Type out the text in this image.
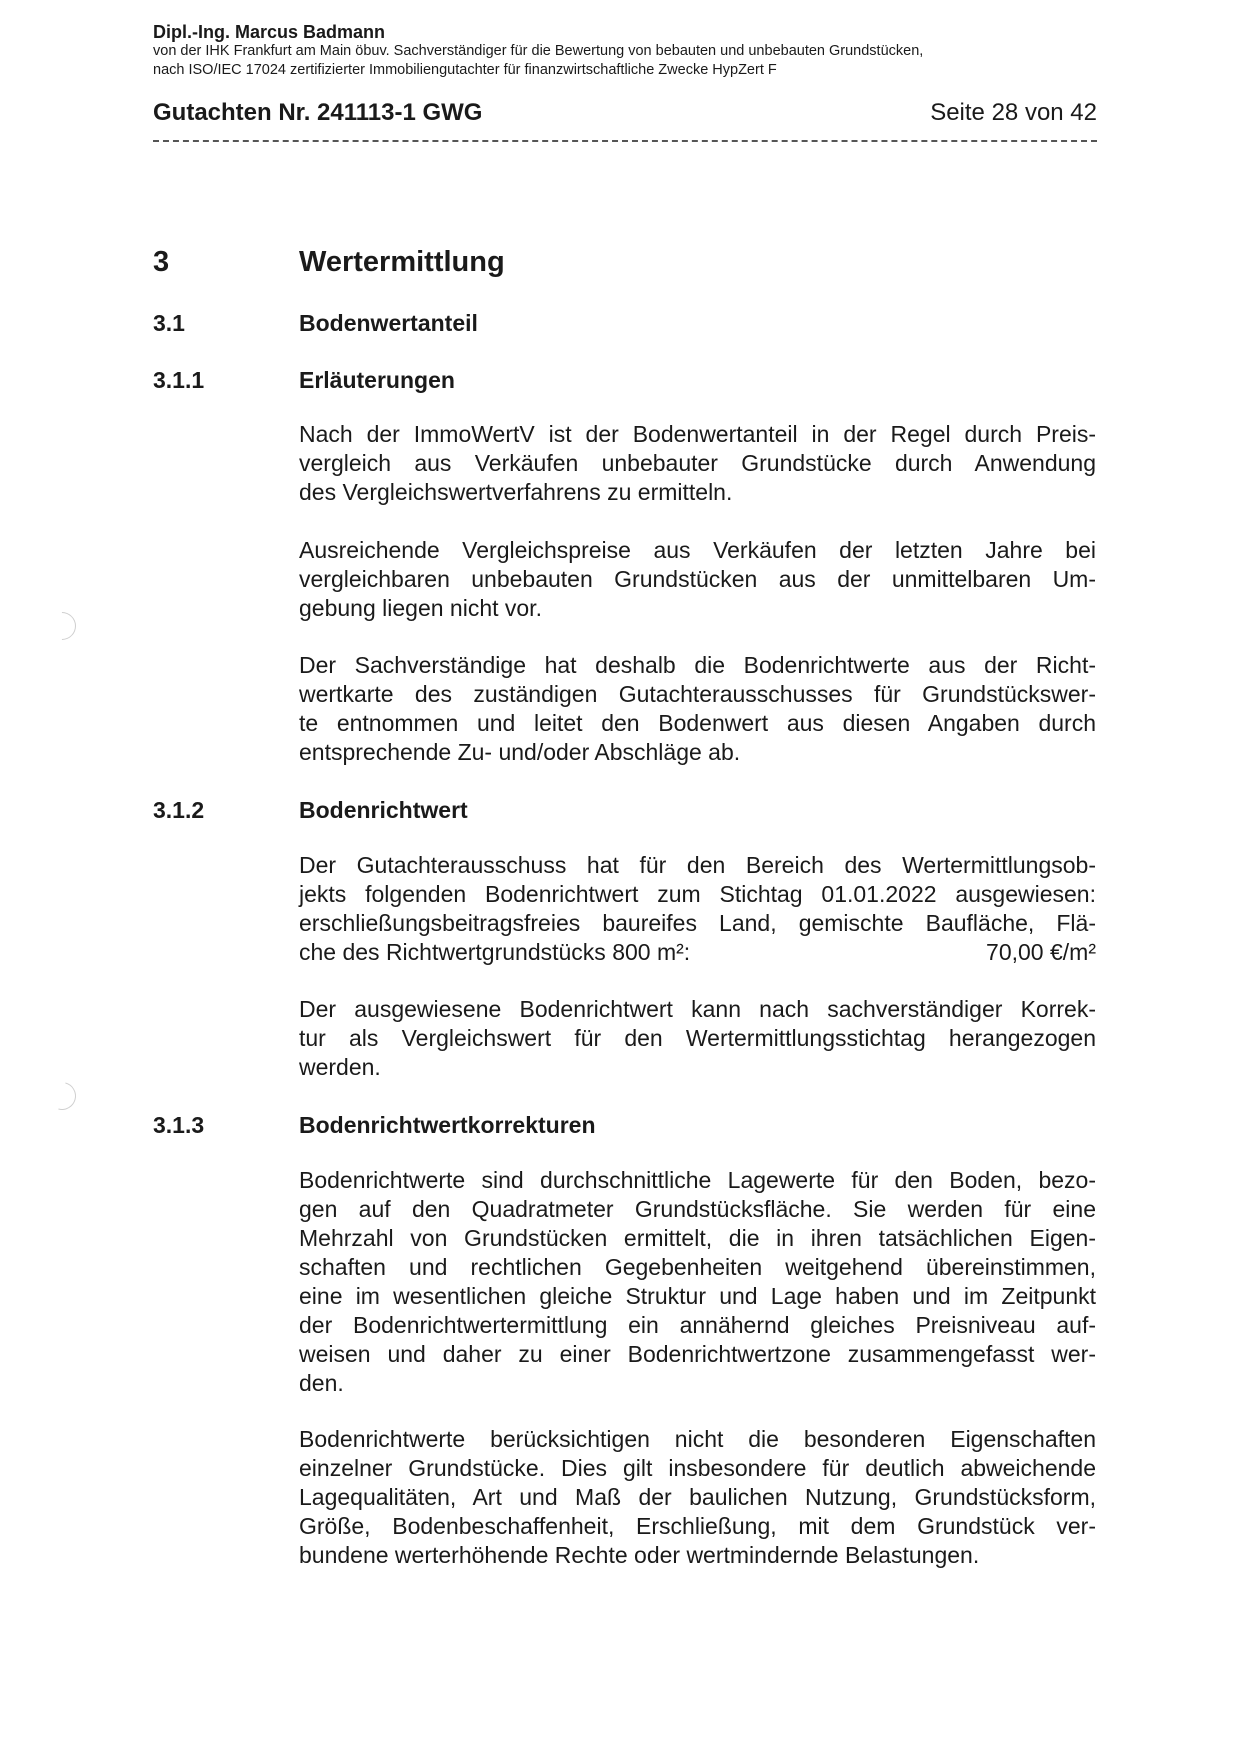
Dipl.-Ing. Marcus Badmann
von der IHK Frankfurt am Main öbuv. Sachverständiger für die Bewertung von bebauten und unbebauten Grundstücken,
nach ISO/IEC 17024 zertifizierter Immobiliengutachter für finanzwirtschaftliche Zwecke HypZert F
Gutachten Nr. 241113-1 GWG	Seite 28 von 42
3	Wertermittlung
3.1	Bodenwertanteil
3.1.1	Erläuterungen
Nach der ImmoWertV ist der Bodenwertanteil in der Regel durch Preis-
vergleich aus Verkäufen unbebauter Grundstücke durch Anwendung
des Vergleichswertverfahrens zu ermitteln.
Ausreichende Vergleichspreise aus Verkäufen der letzten Jahre bei
vergleichbaren unbebauten Grundstücken aus der unmittelbaren Um-
gebung liegen nicht vor.
Der Sachverständige hat deshalb die Bodenrichtwerte aus der Richt-
wertkarte des zuständigen Gutachterausschusses für Grundstückswer-
te entnommen und leitet den Bodenwert aus diesen Angaben durch
entsprechende Zu- und/oder Abschläge ab.
3.1.2	Bodenrichtwert
Der Gutachterausschuss hat für den Bereich des Wertermittlungsob-
jekts folgenden Bodenrichtwert zum Stichtag 01.01.2022 ausgewiesen:
erschließungsbeitragsfreies baureifes Land, gemischte Baufläche, Flä-
che des Richtwertgrundstücks 800 m²:	70,00 €/m²
Der ausgewiesene Bodenrichtwert kann nach sachverständiger Korrek-
tur als Vergleichswert für den Wertermittlungsstichtag herangezogen
werden.
3.1.3	Bodenrichtwertkorrekturen
Bodenrichtwerte sind durchschnittliche Lagewerte für den Boden, bezo-
gen auf den Quadratmeter Grundstücksfläche. Sie werden für eine
Mehrzahl von Grundstücken ermittelt, die in ihren tatsächlichen Eigen-
schaften und rechtlichen Gegebenheiten weitgehend übereinstimmen,
eine im wesentlichen gleiche Struktur und Lage haben und im Zeitpunkt
der Bodenrichtwertermittlung ein annähernd gleiches Preisniveau auf-
weisen und daher zu einer Bodenrichtwertzone zusammengefasst wer-
den.
Bodenrichtwerte berücksichtigen nicht die besonderen Eigenschaften
einzelner Grundstücke. Dies gilt insbesondere für deutlich abweichende
Lagequalitäten, Art und Maß der baulichen Nutzung, Grundstücksform,
Größe, Bodenbeschaffenheit, Erschließung, mit dem Grundstück ver-
bundene werterhöhende Rechte oder wertmindernde Belastungen.
